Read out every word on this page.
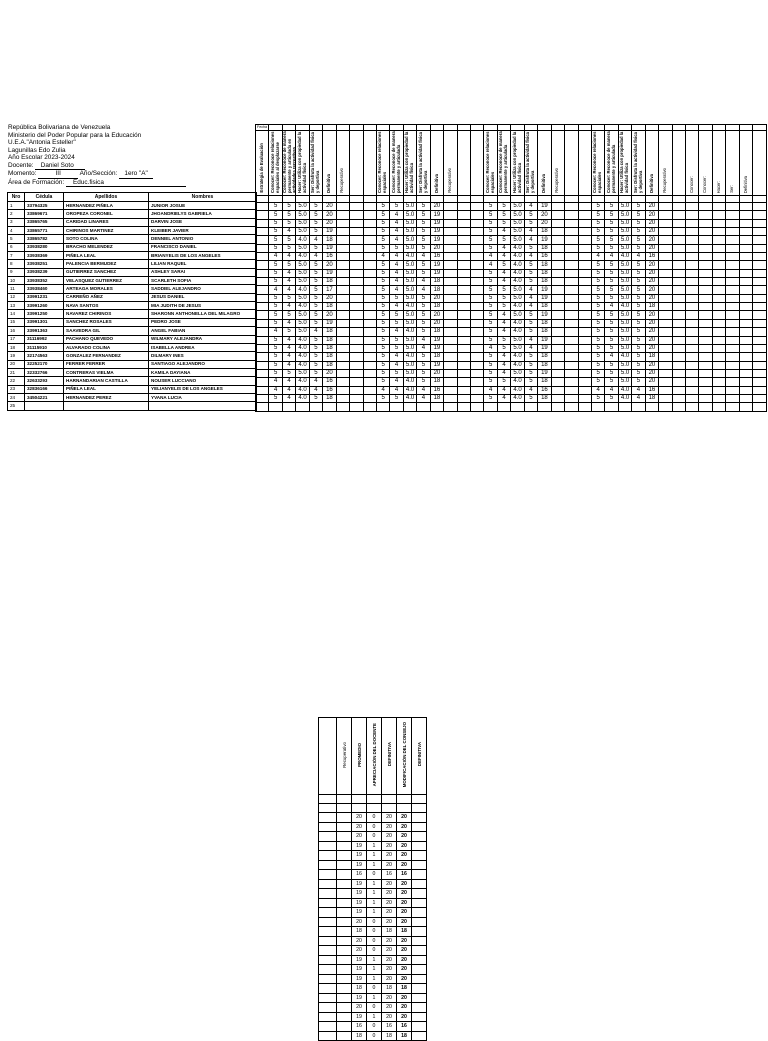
República Bolivariana de Venezuela
Ministerio del Poder Popular para la Educación
U.E.A."Antonia Esteller"
Lagunillas Edo Zulia
Año Escolar 2023-2024
Docente: Daniel Soto
Momento:	III	Año/Sección: 1ero "A"
Área de Formación: Educ.fisica
Nro	Cédula	Apellidos	Nombres
1	33794325	HERNANDEZ PIÑELA	JUNIOR JOSUE
2	33869671	OROPEZA CORONEL	JHOANDRIELYS GABRIELA
3	33865765	CARIDAD LINARES	DARVIN JOSE
4	33865771	CHIRINOS MARTINEZ	KLEIBER JAVIER
5	33865782	SOTO COLINA	DENNIEL ANTONIO
6	33938280	BRACHO MELENDEZ	FRANCISCO DANIEL
7	33938369	PIÑELA LEAL	BRIANYELIS DE LOS ANGELES
8	33938251	PALENCIA BERMUDEZ	LILIAN RAQUEL
9	33938239	GUTIERREZ SANCHEZ	ASHLEY SARAI
10	33938352	VELASQUEZ GUTIERREZ	SCARLETH SOFIA
11	33938460	ARTEAGA MORALES	SADDIEL ALEJANDRO
12	33991231	CARREÑO AÑEZ	JESUS DANIEL
13	33991260	NAVA SANTOS	MIA JUDITH DE JESUS
14	33991250	NAVAREZ CHIRINOS	SHARONN ANTHONELLA DEL MILAGRO
15	33991301	SANCHEZ ROSALES	PEDRO JOSE
16	33991363	SAAVEDRA GIL	ANGEL FABIAN
17	31116992	PACHANO QUEVEDO	WILMARY ALEJANDRA
18	31115910	ALVARADO COLINA	ISABELLA ANDREA
19	32174563	GONZALEZ FERNANDEZ	DILMARY INES
20	32252170	FERRER FERRER	SANTIAGO ALEJANDRO
21	32332766	CONTRERAS VIELMA	KAMILA DAYIANA
22	32633293	HARNANDARIAN CASTILLA	NOUSER LUCCIANO
23	32836166	PIÑELA LEAL	YELIANYELIS DE LOS ANGELES
24	34504221	HERNANDEZ PEREZ	YVANA LUCIA
25			
Fecha																																					
Estrategia de Evaluación	Conocer: Reconoce relaciones espaciales al desplazarse	Conocer: Reconoce de manera permanente y articulada en actividades recreativas	Hacer: Utiliza con propiedad la actividad física	Ser: Disfruta la actividad física y deportiva	Definitiva	Recuperativo			Conocer: Reconoce relaciones espaciales	Conocer: Reconoce de manera permanente y articulada	Hacer: Utiliza con propiedad la actividad física	Ser: Disfruta la actividad física y deportiva	Definitiva	Recuperativo			Conocer: Reconoce relaciones espaciales	Conocer: Reconoce de manera permanente y articulada	Hacer: Utiliza con propiedad la actividad física	Ser: Disfruta la actividad física y deportiva	Definitiva	Recuperativo			Conocer: Reconoce relaciones espaciales	Conocer: Reconoce de manera permanente y articulada	Hacer: Utiliza con propiedad la actividad física	Ser: Disfruta la actividad física y deportiva	Definitiva	Recuperativo		Conocer:	Conocer:	Hacer:	Ser:	Definitiva	

	5	5	5.0	5	20				5	5	5.0	5	20				5	5	5.0	4	19				5	5	5.0	5	20								
	5	5	5.0	5	20				5	4	5.0	5	19				5	5	5.0	5	20				5	5	5.0	5	20								
	5	5	5.0	5	20				5	4	5.0	5	19				5	5	5.0	5	20				5	5	5.0	5	20								
	5	4	5.0	5	19				5	4	5.0	5	19				5	4	5.0	4	18				5	5	5.0	5	20								
	5	5	4.0	4	18				5	4	5.0	5	19				5	5	5.0	4	19				5	5	5.0	5	20								
	5	5	5.0	5	19				5	5	5.0	5	20				5	4	4.0	5	18				5	5	5.0	5	20								
	4	4	4.0	4	16				4	4	4.0	4	16				4	4	4.0	4	16				4	4	4.0	4	16								
	5	5	5.0	5	20				5	4	5.0	5	19				4	5	4.0	5	18				5	5	5.0	5	20								
	5	4	5.0	5	19				5	4	5.0	5	19				5	4	4.0	5	18				5	5	5.0	5	20								
	5	4	5.0	5	18				5	4	5.0	4	18				5	4	4.0	5	18				5	5	5.0	5	20								
	4	4	4.0	5	17				5	4	5.0	4	18				5	5	5.0	4	19				5	5	5.0	5	20								
	5	5	5.0	5	20				5	5	5.0	5	20				5	5	5.0	4	19				5	5	5.0	5	20								
	5	4	4.0	5	18				5	4	4.0	5	18				5	5	4.0	4	18				5	4	4.0	5	18								
	5	5	5.0	5	20				5	5	5.0	5	20				5	4	5.0	5	19				5	5	5.0	5	20								
	5	4	5.0	5	19				5	5	5.0	5	20				5	4	4.0	5	18				5	5	5.0	5	20								
	4	5	5.0	4	18				5	4	4.0	5	18				5	4	4.0	5	18				5	5	5.0	5	20								
	5	4	4.0	5	18				5	5	5.0	4	19				5	5	5.0	4	19				5	5	5.0	5	20								
	5	4	4.0	5	18				5	5	5.0	4	19				4	5	5.0	4	19				5	5	5.0	5	20								
	5	4	4.0	5	18				5	4	4.0	5	18				5	4	4.0	5	18				5	4	4.0	5	18								
	5	4	4.0	5	18				5	4	5.0	5	19				5	4	4.0	5	18				5	5	5.0	5	20								
	5	5	5.0	5	20				5	5	5.0	5	20				5	4	5.0	5	19				5	5	5.0	5	20								
	4	4	4.0	4	16				5	4	4.0	5	18				5	5	4.0	5	18				5	5	5.0	5	20								
	4	4	4.0	4	16				4	4	4.0	4	16				4	4	4.0	4	16				4	4	4.0	4	16								
	5	4	4.0	5	18				5	5	4.0	4	18				5	4	4.0	5	18				5	5	4.0	4	18								

	Recuperativo	PROMEDIO	APRECIACIÓN DEL DOCENTE	DEFINITIVA	MODIFICACIÓN DEL CONSEJO	DEFINITIVA

		20	0	20	20	
		20	0	20	20	
		20	0	20	20	
		19	1	20	20	
		19	1	20	20	
		19	1	20	20	
		16	0	16	16	
		19	1	20	20	
		19	1	20	20	
		19	1	20	20	
		19	1	20	20	
		20	0	20	20	
		18	0	18	18	
		20	0	20	20	
		20	0	20	20	
		19	1	20	20	
		19	1	20	20	
		19	1	20	20	
		18	0	18	18	
		19	1	20	20	
		20	0	20	20	
		19	1	20	20	
		16	0	16	16	
		18	0	18	18	
